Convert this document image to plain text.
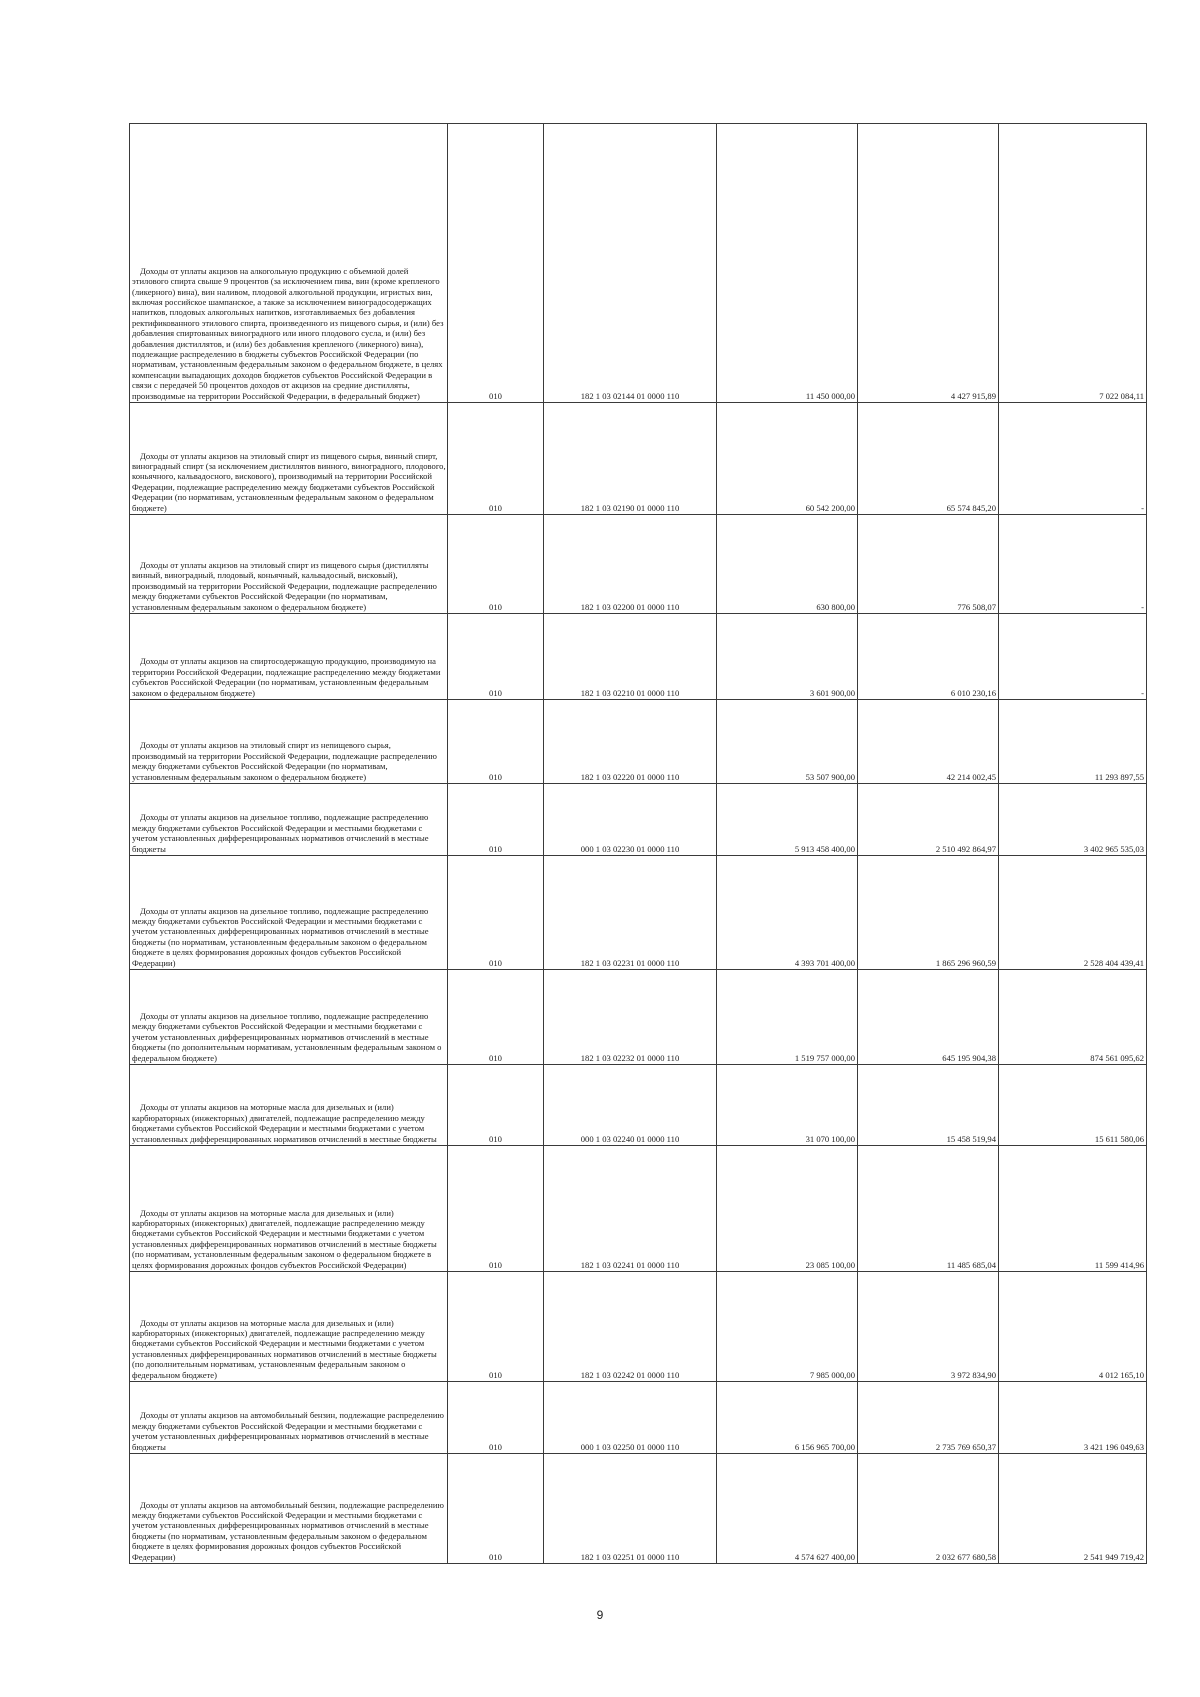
Доходы от уплаты акцизов на алкогольную продукцию с объемной долей этилового спирта свыше 9 процентов (за исключением пива, вин (кроме крепленого (ликерного) вина), вин наливом, плодовой алкогольной продукции, игристых вин, включая российское шампанское, а также за исключением виноградосодержащих напитков, плодовых алкогольных напитков, изготавливаемых без добавления ректификованного этилового спирта, произведенного из пищевого сырья, и (или) без добавления спиртованных виноградного или иного плодового сусла, и (или) без добавления дистиллятов, и (или) без добавления крепленого (ликерного) вина), подлежащие распределению в бюджеты субъектов Российской Федерации (по нормативам, установленным федеральным законом о федеральном бюджете, в целях компенсации выпадающих доходов бюджетов субъектов Российской Федерации в связи с передачей 50 процентов доходов от акцизов на средние дистилляты, производимые на территории Российской Федерации, в федеральный бюджет)	010	182 1 03 02144 01 0000 110	11 450 000,00	4 427 915,89	7 022 084,11

Доходы от уплаты акцизов на этиловый спирт из пищевого сырья, винный спирт, виноградный спирт (за исключением дистиллятов винного, виноградного, плодового, коньячного, кальвадосного, вискового), производимый на территории Российской Федерации, подлежащие распределению между бюджетами субъектов Российской Федерации (по нормативам, установленным федеральным законом о федеральном бюджете)	010	182 1 03 02190 01 0000 110	60 542 200,00	65 574 845,20	-

Доходы от уплаты акцизов на этиловый спирт из пищевого сырья (дистилляты винный, виноградный, плодовый, коньячный, кальвадосный, висковый), производимый на территории Российской Федерации, подлежащие распределению между бюджетами субъектов Российской Федерации (по нормативам, установленным федеральным законом о федеральном бюджете)	010	182 1 03 02200 01 0000 110	630 800,00	776 508,07	-

Доходы от уплаты акцизов на спиртосодержащую продукцию, производимую на территории Российской Федерации, подлежащие распределению между бюджетами субъектов Российской Федерации (по нормативам, установленным федеральным законом о федеральном бюджете)	010	182 1 03 02210 01 0000 110	3 601 900,00	6 010 230,16	-

Доходы от уплаты акцизов на этиловый спирт из непищевого сырья, производимый на территории Российской Федерации, подлежащие распределению между бюджетами субъектов Российской Федерации (по нормативам, установленным федеральным законом о федеральном бюджете)	010	182 1 03 02220 01 0000 110	53 507 900,00	42 214 002,45	11 293 897,55

Доходы от уплаты акцизов на дизельное топливо, подлежащие распределению между бюджетами субъектов Российской Федерации и местными бюджетами с учетом установленных дифференцированных нормативов отчислений в местные бюджеты	010	000 1 03 02230 01 0000 110	5 913 458 400,00	2 510 492 864,97	3 402 965 535,03

Доходы от уплаты акцизов на дизельное топливо, подлежащие распределению между бюджетами субъектов Российской Федерации и местными бюджетами с учетом установленных дифференцированных нормативов отчислений в местные бюджеты (по нормативам, установленным федеральным законом о федеральном бюджете в целях формирования дорожных фондов субъектов Российской Федерации)	010	182 1 03 02231 01 0000 110	4 393 701 400,00	1 865 296 960,59	2 528 404 439,41

Доходы от уплаты акцизов на дизельное топливо, подлежащие распределению между бюджетами субъектов Российской Федерации и местными бюджетами с учетом установленных дифференцированных нормативов отчислений в местные бюджеты (по дополнительным нормативам, установленным федеральным законом о федеральном бюджете)	010	182 1 03 02232 01 0000 110	1 519 757 000,00	645 195 904,38	874 561 095,62

Доходы от уплаты акцизов на моторные масла для дизельных и (или) карбюраторных (инжекторных) двигателей, подлежащие распределению между бюджетами субъектов Российской Федерации и местными бюджетами с учетом установленных дифференцированных нормативов отчислений в местные бюджеты	010	000 1 03 02240 01 0000 110	31 070 100,00	15 458 519,94	15 611 580,06

Доходы от уплаты акцизов на моторные масла для дизельных и (или) карбюраторных (инжекторных) двигателей, подлежащие распределению между бюджетами субъектов Российской Федерации и местными бюджетами с учетом установленных дифференцированных нормативов отчислений в местные бюджеты (по нормативам, установленным федеральным законом о федеральном бюджете в целях формирования дорожных фондов субъектов Российской Федерации)	010	182 1 03 02241 01 0000 110	23 085 100,00	11 485 685,04	11 599 414,96

Доходы от уплаты акцизов на моторные масла для дизельных и (или) карбюраторных (инжекторных) двигателей, подлежащие распределению между бюджетами субъектов Российской Федерации и местными бюджетами с учетом установленных дифференцированных нормативов отчислений в местные бюджеты (по дополнительным нормативам, установленным федеральным законом о федеральном бюджете)	010	182 1 03 02242 01 0000 110	7 985 000,00	3 972 834,90	4 012 165,10

Доходы от уплаты акцизов на автомобильный бензин, подлежащие распределению между бюджетами субъектов Российской Федерации и местными бюджетами с учетом установленных дифференцированных нормативов отчислений в местные бюджеты	010	000 1 03 02250 01 0000 110	6 156 965 700,00	2 735 769 650,37	3 421 196 049,63

Доходы от уплаты акцизов на автомобильный бензин, подлежащие распределению между бюджетами субъектов Российской Федерации и местными бюджетами с учетом установленных дифференцированных нормативов отчислений в местные бюджеты (по нормативам, установленным федеральным законом о федеральном бюджете в целях формирования дорожных фондов субъектов Российской Федерации)	010	182 1 03 02251 01 0000 110	4 574 627 400,00	2 032 677 680,58	2 541 949 719,42
9
